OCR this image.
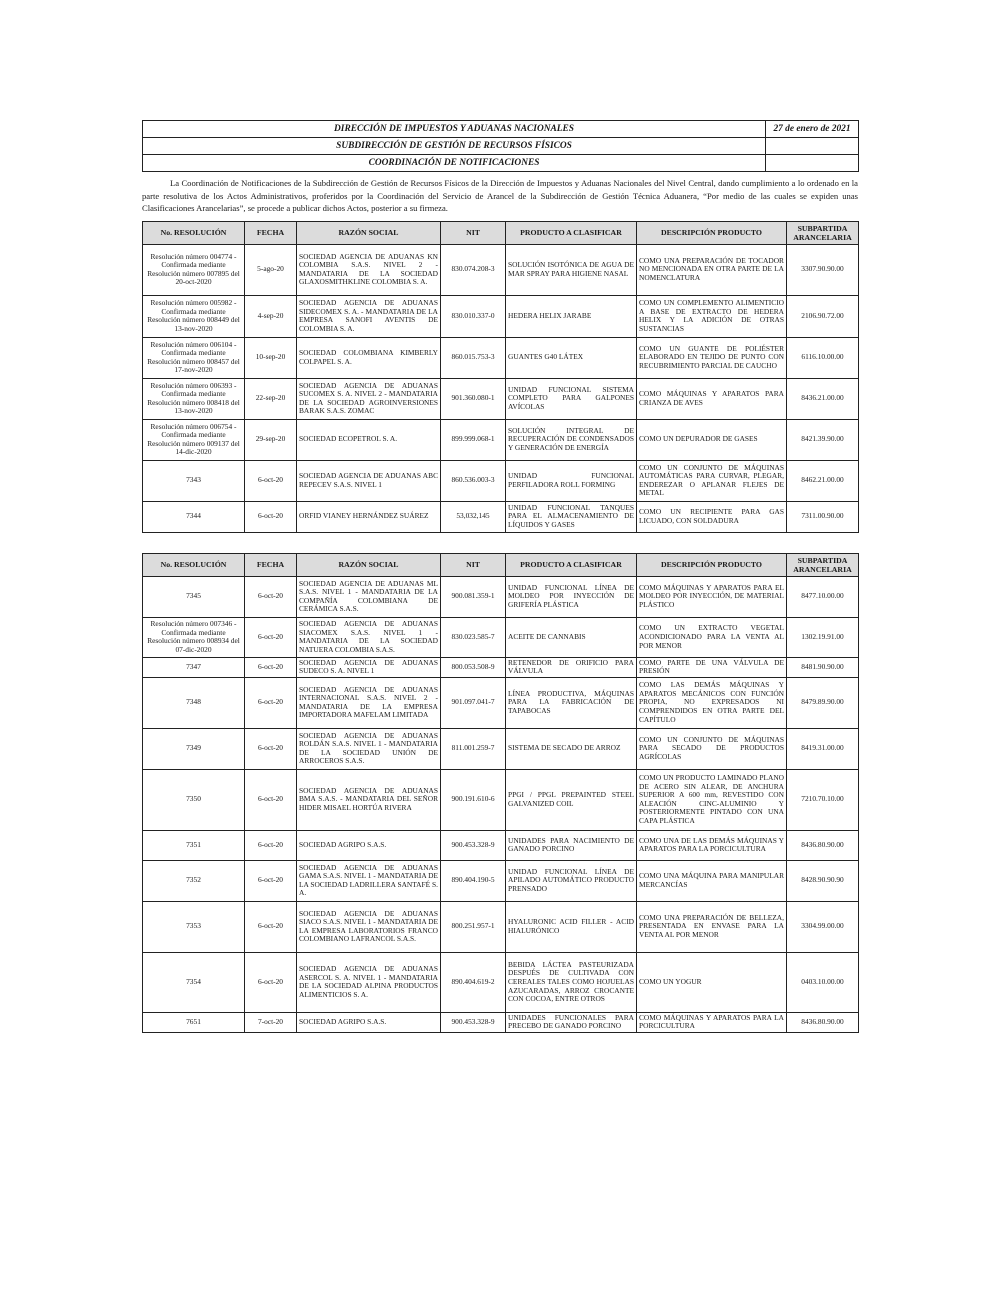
DIRECCIÓN DE IMPUESTOS Y ADUANAS NACIONALES	27 de enero de 2021
SUBDIRECCIÓN DE GESTIÓN DE RECURSOS FÍSICOS	
COORDINACIÓN DE NOTIFICACIONES	

La Coordinación de Notificaciones de la Subdirección de Gestión de Recursos Físicos de la Dirección de Impuestos y Aduanas Nacionales del Nivel Central, dando cumplimiento a lo ordenado en la parte resolutiva de los Actos Administrativos, proferidos por la Coordinación del Servicio de Arancel de la Subdirección de Gestión Técnica Aduanera, “Por medio de las cuales se expiden unas Clasificaciones Arancelarias”, se procede a publicar dichos Actos, posterior a su firmeza.

No. RESOLUCIÓN	FECHA	RAZÓN SOCIAL	NIT	PRODUCTO A CLASIFICAR	DESCRIPCIÓN PRODUCTO	SUBPARTIDA ARANCELARIA
Resolución número 004774 - Confirmada mediante Resolución número 007895 del 20-oct-2020	5-ago-20	SOCIEDAD AGENCIA DE ADUANAS KN COLOMBIA S.A.S. NIVEL 2 - MANDATARIA DE LA SOCIEDAD GLAXOSMITHKLINE COLOMBIA S. A.	830.074.208-3	SOLUCIÓN ISOTÓNICA DE AGUA DE MAR SPRAY PARA HIGIENE NASAL	COMO UNA PREPARACIÓN DE TOCADOR NO MENCIONADA EN OTRA PARTE DE LA NOMENCLATURA	3307.90.90.00
Resolución número 005982 - Confirmada mediante Resolución número 008449 del 13-nov-2020	4-sep-20	SOCIEDAD AGENCIA DE ADUANAS SIDECOMEX S. A. - MANDATARIA DE LA EMPRESA SANOFI AVENTIS DE COLOMBIA S. A.	830.010.337-0	HEDERA HELIX JARABE	COMO UN COMPLEMENTO ALIMENTICIO A BASE DE EXTRACTO DE HEDERA HELIX Y LA ADICIÓN DE OTRAS SUSTANCIAS	2106.90.72.00
Resolución número 006104 - Confirmada mediante Resolución número 008457 del 17-nov-2020	10-sep-20	SOCIEDAD COLOMBIANA KIMBERLY COLPAPEL S. A.	860.015.753-3	GUANTES G40 LÁTEX	COMO UN GUANTE DE POLIÉSTER ELABORADO EN TEJIDO DE PUNTO CON RECUBRIMIENTO PARCIAL DE CAUCHO	6116.10.00.00
Resolución número 006393 - Confirmada mediante Resolución número 008418 del 13-nov-2020	22-sep-20	SOCIEDAD AGENCIA DE ADUANAS SUCOMEX S. A. NIVEL 2 - MANDATARIA DE LA SOCIEDAD AGROINVERSIONES BARAK S.A.S. ZOMAC	901.360.080-1	UNIDAD FUNCIONAL SISTEMA COMPLETO PARA GALPONES AVÍCOLAS	COMO MÁQUINAS Y APARATOS PARA CRIANZA DE AVES	8436.21.00.00
Resolución número 006754 - Confirmada mediante Resolución número 009137 del 14-dic-2020	29-sep-20	SOCIEDAD ECOPETROL S. A.	899.999.068-1	SOLUCIÓN INTEGRAL DE RECUPERACIÓN DE CONDENSADOS Y GENERACIÓN DE ENERGÍA	COMO UN DEPURADOR DE GASES	8421.39.90.00
7343	6-oct-20	SOCIEDAD AGENCIA DE ADUANAS ABC REPECEV S.A.S. NIVEL 1	860.536.003-3	UNIDAD FUNCIONAL PERFILADORA ROLL FORMING	COMO UN CONJUNTO DE MÁQUINAS AUTOMÁTICAS PARA CURVAR, PLEGAR, ENDEREZAR O APLANAR FLEJES DE METAL	8462.21.00.00
7344	6-oct-20	ORFID VIANEY HERNÁNDEZ SUÁREZ	53,032,145	UNIDAD FUNCIONAL TANQUES PARA EL ALMACENAMIENTO DE LÍQUIDOS Y GASES	COMO UN RECIPIENTE PARA GAS LICUADO, CON SOLDADURA	7311.00.90.00
No. RESOLUCIÓN	FECHA	RAZÓN SOCIAL	NIT	PRODUCTO A CLASIFICAR	DESCRIPCIÓN PRODUCTO	SUBPARTIDA ARANCELARIA
7345	6-oct-20	SOCIEDAD AGENCIA DE ADUANAS ML S.A.S. NIVEL 1 - MANDATARIA DE LA COMPAÑÍA COLOMBIANA DE CERÁMICA S.A.S.	900.081.359-1	UNIDAD FUNCIONAL LÍNEA DE MOLDEO POR INYECCIÓN DE GRIFERÍA PLÁSTICA	COMO MÁQUINAS Y APARATOS PARA EL MOLDEO POR INYECCIÓN, DE MATERIAL PLÁSTICO	8477.10.00.00
Resolución número 007346 - Confirmada mediante Resolución número 008934 del 07-dic-2020	6-oct-20	SOCIEDAD AGENCIA DE ADUANAS SIACOMEX S.A.S. NIVEL 1 - MANDATARIA DE LA SOCIEDAD NATUERA COLOMBIA S.A.S.	830.023.585-7	ACEITE DE CANNABIS	COMO UN EXTRACTO VEGETAL ACONDICIONADO PARA LA VENTA AL POR MENOR	1302.19.91.00
7347	6-oct-20	SOCIEDAD AGENCIA DE ADUANAS SUDECO S. A. NIVEL 1	800.053.508-9	RETENEDOR DE ORIFICIO PARA VÁLVULA	COMO PARTE DE UNA VÁLVULA DE PRESIÓN	8481.90.90.00
7348	6-oct-20	SOCIEDAD AGENCIA DE ADUANAS INTERNACIONAL S.A.S. NIVEL 2 - MANDATARIA DE LA EMPRESA IMPORTADORA MAFELAM LIMITADA	901.097.041-7	LÍNEA PRODUCTIVA, MÁQUINAS PARA LA FABRICACIÓN DE TAPABOCAS	COMO LAS DEMÁS MÁQUINAS Y APARATOS MECÁNICOS CON FUNCIÓN PROPIA, NO EXPRESADOS NI COMPRENDIDOS EN OTRA PARTE DEL CAPÍTULO	8479.89.90.00
7349	6-oct-20	SOCIEDAD AGENCIA DE ADUANAS ROLDÁN S.A.S. NIVEL 1 - MANDATARIA DE LA SOCIEDAD UNIÓN DE ARROCEROS S.A.S.	811.001.259-7	SISTEMA DE SECADO DE ARROZ	COMO UN CONJUNTO DE MÁQUINAS PARA SECADO DE PRODUCTOS AGRÍCOLAS	8419.31.00.00
7350	6-oct-20	SOCIEDAD AGENCIA DE ADUANAS BMA S.A.S. - MANDATARIA DEL SEÑOR HIDER MISAEL HORTÚA RIVERA	900.191.610-6	PPGI / PPGL PREPAINTED STEEL GALVANIZED COIL	COMO UN PRODUCTO LAMINADO PLANO DE ACERO SIN ALEAR, DE ANCHURA SUPERIOR A 600 mm, REVESTIDO CON ALEACIÓN CINC-ALUMINIO Y POSTERIORMENTE PINTADO CON UNA CAPA PLÁSTICA	7210.70.10.00
7351	6-oct-20	SOCIEDAD AGRIPO S.A.S.	900.453.328-9	UNIDADES PARA NACIMIENTO DE GANADO PORCINO	COMO UNA DE LAS DEMÁS MÁQUINAS Y APARATOS PARA LA PORCICULTURA	8436.80.90.00
7352	6-oct-20	SOCIEDAD AGENCIA DE ADUANAS GAMA S.A.S. NIVEL 1 - MANDATARIA DE LA SOCIEDAD LADRILLERA SANTAFÉ S. A.	890.404.190-5	UNIDAD FUNCIONAL LÍNEA DE APILADO AUTOMÁTICO PRODUCTO PRENSADO	COMO UNA MÁQUINA PARA MANIPULAR MERCANCÍAS	8428.90.90.90
7353	6-oct-20	SOCIEDAD AGENCIA DE ADUANAS SIACO S.A.S. NIVEL 1 - MANDATARIA DE LA EMPRESA LABORATORIOS FRANCO COLOMBIANO LAFRANCOL S.A.S.	800.251.957-1	HYALURONIC ACID FILLER - ACID HIALURÓNICO	COMO UNA PREPARACIÓN DE BELLEZA, PRESENTADA EN ENVASE PARA LA VENTA AL POR MENOR	3304.99.00.00
7354	6-oct-20	SOCIEDAD AGENCIA DE ADUANAS ASERCOL S. A. NIVEL 1 - MANDATARIA DE LA SOCIEDAD ALPINA PRODUCTOS ALIMENTICIOS S. A.	890.404.619-2	BEBIDA LÁCTEA PASTEURIZADA DESPUÉS DE CULTIVADA CON CEREALES TALES COMO HOJUELAS AZUCARADAS, ARROZ CROCANTE CON COCOA, ENTRE OTROS	COMO UN YOGUR	0403.10.00.00
7651	7-oct-20	SOCIEDAD AGRIPO S.A.S.	900.453.328-9	UNIDADES FUNCIONALES PARA PRECEBO DE GANADO PORCINO	COMO MÁQUINAS Y APARATOS PARA LA PORCICULTURA	8436.80.90.00
